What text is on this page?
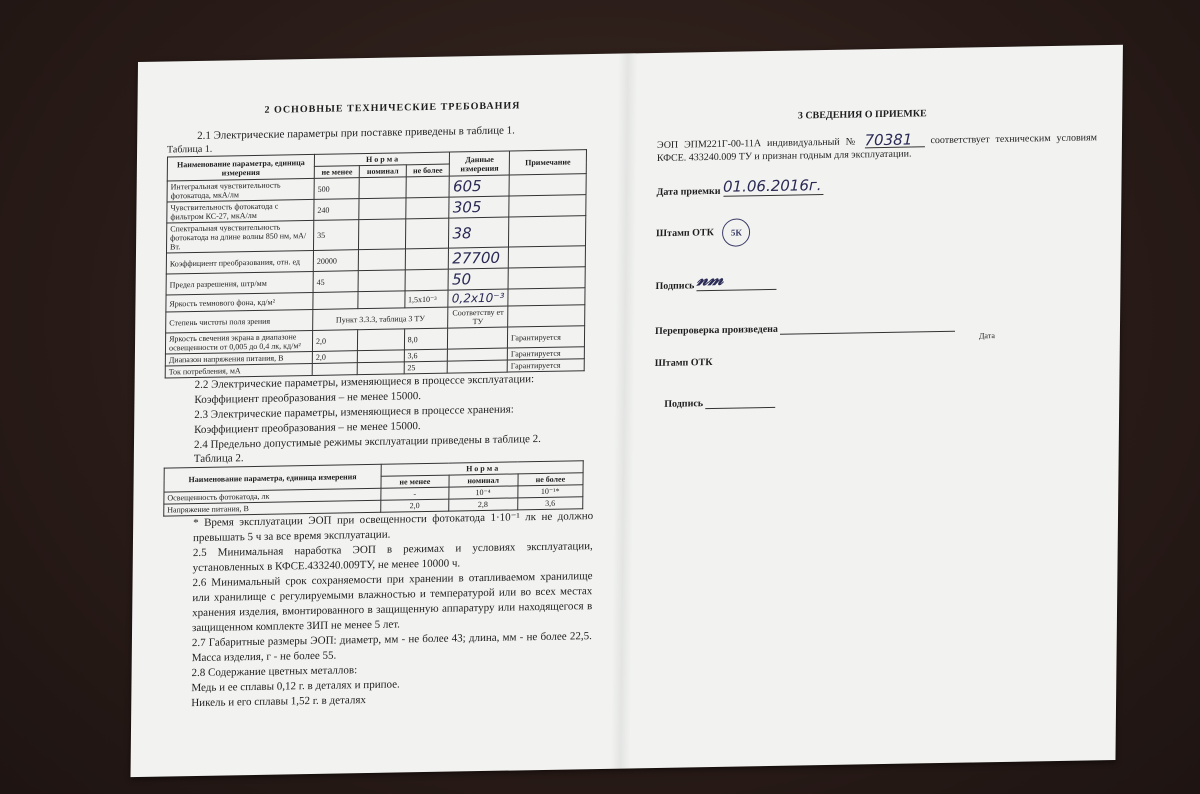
2 ОСНОВНЫЕ ТЕХНИЧЕСКИЕ ТРЕБОВАНИЯ

2.1 Электрические параметры при поставке приведены в таблице 1.

Таблица 1.

Наименование параметра, единица измерения	Н о р м а			Данные измерения	Примечание
	не менее	номинал	не более		
Интегральная чувствительность фотокатода, мкА/лм	500			605	
Чувствительность фотокатода с фильтром КС-27, мкА/лм	240			305	
Спектральная чувствительность фотокатода на длине волны 850 нм, мА/Вт.	35			38	
Коэффициент преобразования, отн. ед	20000			27700	
Предел разрешения, штр/мм	45			50	
Яркость темнового фона, кд/м²			1,5x10⁻³	0,2x10⁻³	
Степень чистоты поля зрения	Пункт 3.3.3, таблица 3 ТУ			Соответству ет ТУ	
Яркость свечения экрана в диапазоне освещенности от 0,005 до 0,4 лк, кд/м²	2,0		8,0		Гарантируется
Диапазон напряжения питания, В	2,0		3,6		Гарантируется
Ток потребления, мА			25		Гарантируется

2.2 Электрические параметры, изменяющиеся в процессе эксплуатации:

Коэффициент преобразования – не менее 15000.

2.3 Электрические параметры, изменяющиеся в процессе хранения:

Коэффициент преобразования – не менее 15000.

2.4 Предельно допустимые режимы эксплуатации приведены в таблице 2.

Таблица 2.

Наименование параметра, единица измерения	Н о р м а		
	не менее	номинал	не более
Освещенность фотокатода, лк	-	10⁻⁴	10⁻¹*
Напряжение питания, В	2,0	2,8	3,6

* Время эксплуатации ЭОП при освещенности фотокатода 1·10⁻¹ лк не должно превышать 5 ч за все время эксплуатации.

2.5 Минимальная наработка ЭОП в режимах и условиях эксплуатации, установленных в КФСЕ.433240.009ТУ, не менее 10000 ч.

2.6 Минимальный срок сохраняемости при хранении в отапливаемом хранилище или хранилище с регулируемыми влажностью и температурой или во всех местах хранения изделия, вмонтированного в защищенную аппаратуру или находящегося в защищенном комплекте ЗИП не менее 5 лет.

2.7 Габаритные размеры ЭОП: диаметр, мм - не более 43; длина, мм - не более 22,5. Масса изделия, г - не более 55.

2.8 Содержание цветных металлов:

Медь и ее сплавы 0,12 г. в деталях и припое.

Никель и его сплавы 1,52 г. в деталях

3 СВЕДЕНИЯ О ПРИЕМКЕ

ЭОП ЭПМ221Г-00-11А индивидуальный № 70381 соответствует техническим условиям КФСЕ. 433240.009 ТУ и признан годным для эксплуатации.

Дата приемки 01.06.2016г.
Штамп ОТК 5К
Подпись 𝓃𝓂
Перепроверка произведена	Дата
Штамп ОТК
Подпись
